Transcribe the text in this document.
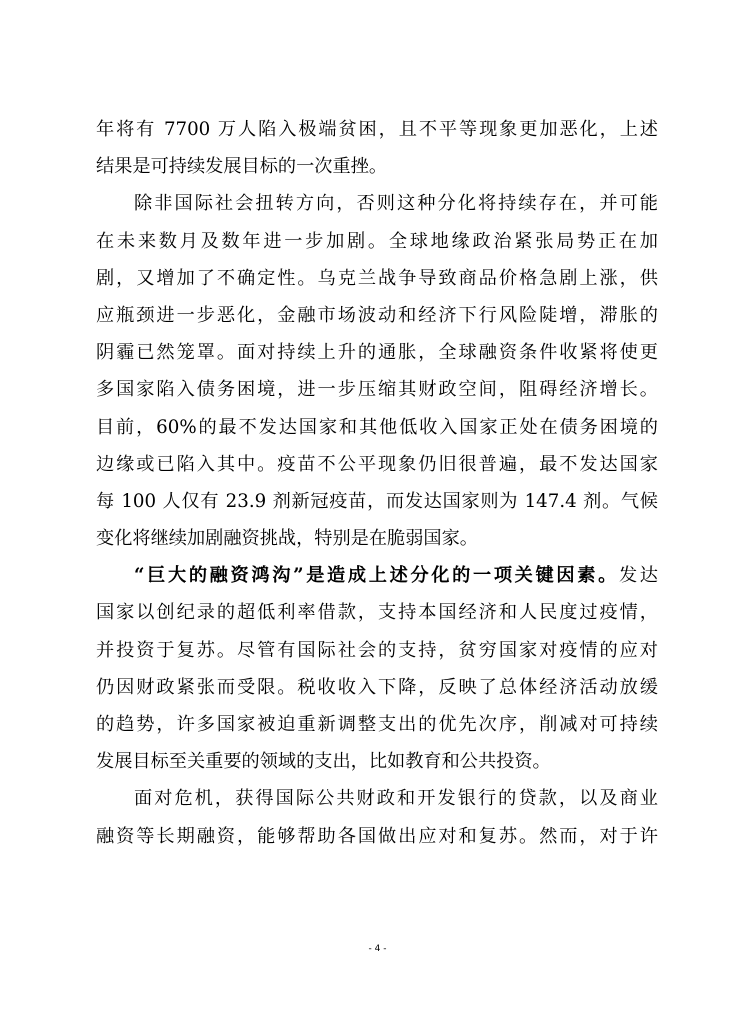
年将有 7700 万人陷入极端贫困，且不平等现象更加恶化，上述
结果是可持续发展目标的一次重挫。
除非国际社会扭转方向，否则这种分化将持续存在，并可能
在未来数月及数年进一步加剧。全球地缘政治紧张局势正在加
剧，又增加了不确定性。乌克兰战争导致商品价格急剧上涨，供
应瓶颈进一步恶化，金融市场波动和经济下行风险陡增，滞胀的
阴霾已然笼罩。面对持续上升的通胀，全球融资条件收紧将使更
多国家陷入债务困境，进一步压缩其财政空间，阻碍经济增长。
目前，60%的最不发达国家和其他低收入国家正处在债务困境的
边缘或已陷入其中。疫苗不公平现象仍旧很普遍，最不发达国家
每 100 人仅有 23.9 剂新冠疫苗，而发达国家则为 147.4 剂。气候
变化将继续加剧融资挑战，特别是在脆弱国家。
“巨大的融资鸿沟”是造成上述分化的一项关键因素。发达
国家以创纪录的超低利率借款，支持本国经济和人民度过疫情，
并投资于复苏。尽管有国际社会的支持，贫穷国家对疫情的应对
仍因财政紧张而受限。税收收入下降，反映了总体经济活动放缓
的趋势，许多国家被迫重新调整支出的优先次序，削减对可持续
发展目标至关重要的领域的支出，比如教育和公共投资。
面对危机，获得国际公共财政和开发银行的贷款，以及商业
融资等长期融资，能够帮助各国做出应对和复苏。然而，对于许
- 4 -
